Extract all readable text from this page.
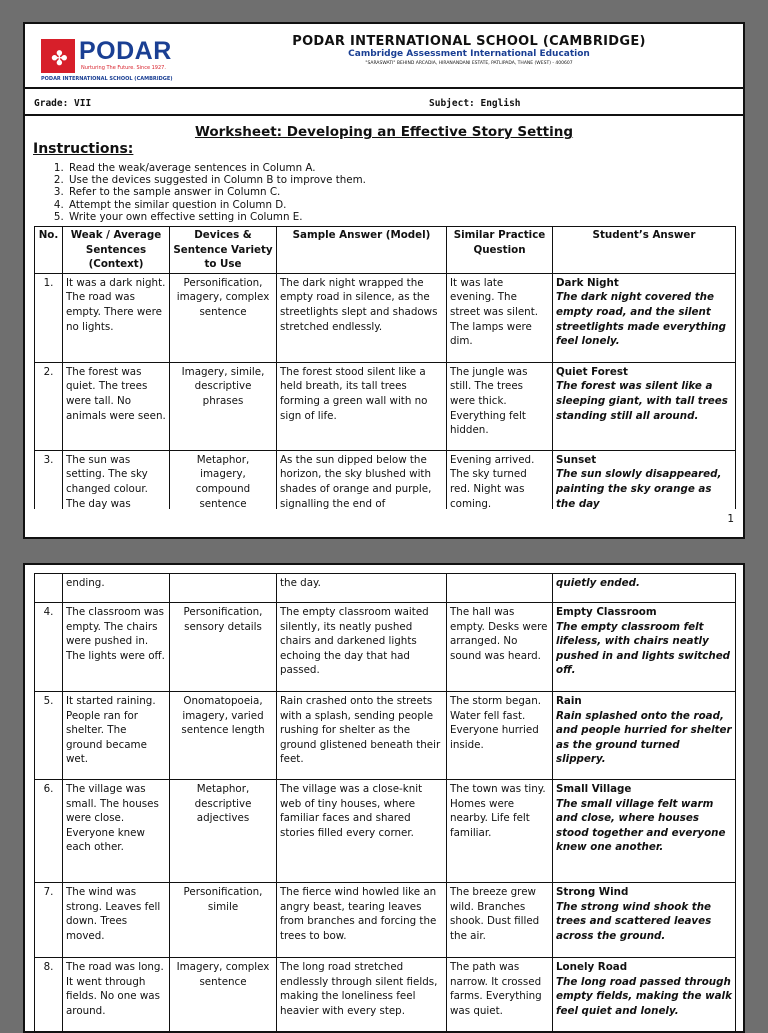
✤ PODAR
Nurturing The Future. Since 1927.
PODAR INTERNATIONAL SCHOOL (CAMBRIDGE)
PODAR INTERNATIONAL SCHOOL (CAMBRIDGE)
Cambridge Assessment International Education
"SARASWATI" BEHIND ARCADIA, HIRANANDANI ESTATE, PATLIPADA, THANE (WEST) - 400607
Grade: VII	Subject: English
Worksheet: Developing an Effective Story Setting
Instructions:
1. Read the weak/average sentences in Column A.
2. Use the devices suggested in Column B to improve them.
3. Refer to the sample answer in Column C.
4. Attempt the similar question in Column D.
5. Write your own effective setting in Column E.
No.	Weak / Average Sentences (Context)	Devices & Sentence Variety to Use	Sample Answer (Model)	Similar Practice Question	Student’s Answer
1.	It was a dark night. The road was empty. There were no lights.	Personification, imagery, complex sentence	The dark night wrapped the empty road in silence, as the streetlights slept and shadows stretched endlessly.	It was late evening. The street was silent. The lamps were dim.	Dark Night
The dark night covered the empty road, and the silent streetlights made everything feel lonely.

2.	The forest was quiet. The trees were tall. No animals were seen.	Imagery, simile, descriptive phrases	The forest stood silent like a held breath, its tall trees forming a green wall with no sign of life.	The jungle was still. The trees were thick. Everything felt hidden.	Quiet Forest
The forest was silent like a sleeping giant, with tall trees standing still all around.

3.	The sun was setting. The sky changed colour. The day was	Metaphor, imagery, compound sentence	As the sun dipped below the horizon, the sky blushed with shades of orange and purple, signalling the end of	Evening arrived. The sky turned red. Night was coming.	Sunset
The sun slowly disappeared, painting the sky orange as the day
1
	ending.		the day.		quietly ended.

4.	The classroom was empty. The chairs were pushed in. The lights were off.	Personification, sensory details	The empty classroom waited silently, its neatly pushed chairs and darkened lights echoing the day that had passed.	The hall was empty. Desks were arranged. No sound was heard.	Empty Classroom
The empty classroom felt lifeless, with chairs neatly pushed in and lights switched off.

5.	It started raining. People ran for shelter. The ground became wet.	Onomatopoeia, imagery, varied sentence length	Rain crashed onto the streets with a splash, sending people rushing for shelter as the ground glistened beneath their feet.	The storm began. Water fell fast. Everyone hurried inside.	Rain
Rain splashed onto the road, and people hurried for shelter as the ground turned slippery.

6.	The village was small. The houses were close. Everyone knew each other.	Metaphor, descriptive adjectives	The village was a close-knit web of tiny houses, where familiar faces and shared stories filled every corner.	The town was tiny. Homes were nearby. Life felt familiar.	Small Village
The small village felt warm and close, where houses stood together and everyone knew one another.

7.	The wind was strong. Leaves fell down. Trees moved.	Personification, simile	The fierce wind howled like an angry beast, tearing leaves from branches and forcing the trees to bow.	The breeze grew wild. Branches shook. Dust filled the air.	Strong Wind
The strong wind shook the trees and scattered leaves across the ground.

8.	The road was long. It went through fields. No one was around.	Imagery, complex sentence	The long road stretched endlessly through silent fields, making the loneliness feel heavier with every step.	The path was narrow. It crossed farms. Everything was quiet.	Lonely Road
The long road passed through empty fields, making the walk feel quiet and lonely.
